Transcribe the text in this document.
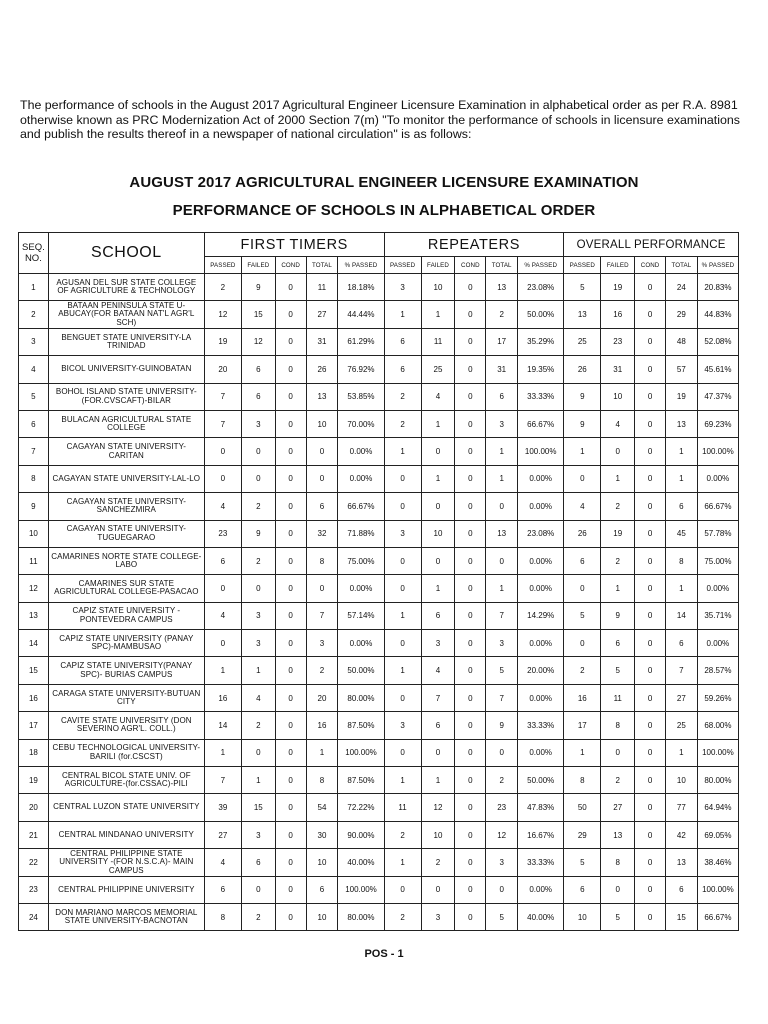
The performance of schools in the August 2017 Agricultural Engineer Licensure Examination in alphabetical order as per R.A. 8981 otherwise known as PRC Modernization Act of 2000 Section 7(m) "To monitor the performance of schools in licensure examinations and publish the results thereof in a newspaper of national circulation" is as follows:
AUGUST 2017 AGRICULTURAL ENGINEER LICENSURE EXAMINATION
PERFORMANCE OF SCHOOLS IN ALPHABETICAL ORDER
SEQ. NO.	SCHOOL	FIRST TIMERS					REPEATERS					OVERALL PERFORMANCE				
		PASSED	FAILED	COND	TOTAL	% PASSED	PASSED	FAILED	COND	TOTAL	% PASSED	PASSED	FAILED	COND	TOTAL	% PASSED
1	AGUSAN DEL SUR STATE COLLEGE OF AGRICULTURE & TECHNOLOGY	2	9	0	11	18.18%	3	10	0	13	23.08%	5	19	0	24	20.83%
2	BATAAN PENINSULA STATE U-ABUCAY(FOR BATAAN NAT'L AGR'L SCH)	12	15	0	27	44.44%	1	1	0	2	50.00%	13	16	0	29	44.83%
3	BENGUET STATE UNIVERSITY-LA TRINIDAD	19	12	0	31	61.29%	6	11	0	17	35.29%	25	23	0	48	52.08%
4	BICOL UNIVERSITY-GUINOBATAN	20	6	0	26	76.92%	6	25	0	31	19.35%	26	31	0	57	45.61%
5	BOHOL ISLAND STATE UNIVERSITY-(FOR.CVSCAFT)-BILAR	7	6	0	13	53.85%	2	4	0	6	33.33%	9	10	0	19	47.37%
6	BULACAN AGRICULTURAL STATE COLLEGE	7	3	0	10	70.00%	2	1	0	3	66.67%	9	4	0	13	69.23%
7	CAGAYAN STATE UNIVERSITY-CARITAN	0	0	0	0	0.00%	1	0	0	1	100.00%	1	0	0	1	100.00%
8	CAGAYAN STATE UNIVERSITY-LAL-LO	0	0	0	0	0.00%	0	1	0	1	0.00%	0	1	0	1	0.00%
9	CAGAYAN STATE UNIVERSITY-SANCHEZMIRA	4	2	0	6	66.67%	0	0	0	0	0.00%	4	2	0	6	66.67%
10	CAGAYAN STATE UNIVERSITY-TUGUEGARAO	23	9	0	32	71.88%	3	10	0	13	23.08%	26	19	0	45	57.78%
11	CAMARINES NORTE STATE COLLEGE-LABO	6	2	0	8	75.00%	0	0	0	0	0.00%	6	2	0	8	75.00%
12	CAMARINES SUR STATE AGRICULTURAL COLLEGE-PASACAO	0	0	0	0	0.00%	0	1	0	1	0.00%	0	1	0	1	0.00%
13	CAPIZ STATE UNIVERSITY - PONTEVEDRA CAMPUS	4	3	0	7	57.14%	1	6	0	7	14.29%	5	9	0	14	35.71%
14	CAPIZ STATE UNIVERSITY (PANAY SPC)-MAMBUSAO	0	3	0	3	0.00%	0	3	0	3	0.00%	0	6	0	6	0.00%
15	CAPIZ STATE UNIVERSITY(PANAY SPC)- BURIAS CAMPUS	1	1	0	2	50.00%	1	4	0	5	20.00%	2	5	0	7	28.57%
16	CARAGA STATE UNIVERSITY-BUTUAN CITY	16	4	0	20	80.00%	0	7	0	7	0.00%	16	11	0	27	59.26%
17	CAVITE STATE UNIVERSITY (DON SEVERINO AGR'L. COLL.)	14	2	0	16	87.50%	3	6	0	9	33.33%	17	8	0	25	68.00%
18	CEBU TECHNOLOGICAL UNIVERSITY-BARILI (for.CSCST)	1	0	0	1	100.00%	0	0	0	0	0.00%	1	0	0	1	100.00%
19	CENTRAL BICOL STATE UNIV. OF AGRICULTURE-(for.CSSAC)-PILI	7	1	0	8	87.50%	1	1	0	2	50.00%	8	2	0	10	80.00%
20	CENTRAL LUZON STATE UNIVERSITY	39	15	0	54	72.22%	11	12	0	23	47.83%	50	27	0	77	64.94%
21	CENTRAL MINDANAO UNIVERSITY	27	3	0	30	90.00%	2	10	0	12	16.67%	29	13	0	42	69.05%
22	CENTRAL PHILIPPINE STATE UNIVERSITY -(FOR N.S.C.A)- MAIN CAMPUS	4	6	0	10	40.00%	1	2	0	3	33.33%	5	8	0	13	38.46%
23	CENTRAL PHILIPPINE UNIVERSITY	6	0	0	6	100.00%	0	0	0	0	0.00%	6	0	0	6	100.00%
24	DON MARIANO MARCOS MEMORIAL STATE UNIVERSITY-BACNOTAN	8	2	0	10	80.00%	2	3	0	5	40.00%	10	5	0	15	66.67%
POS - 1
